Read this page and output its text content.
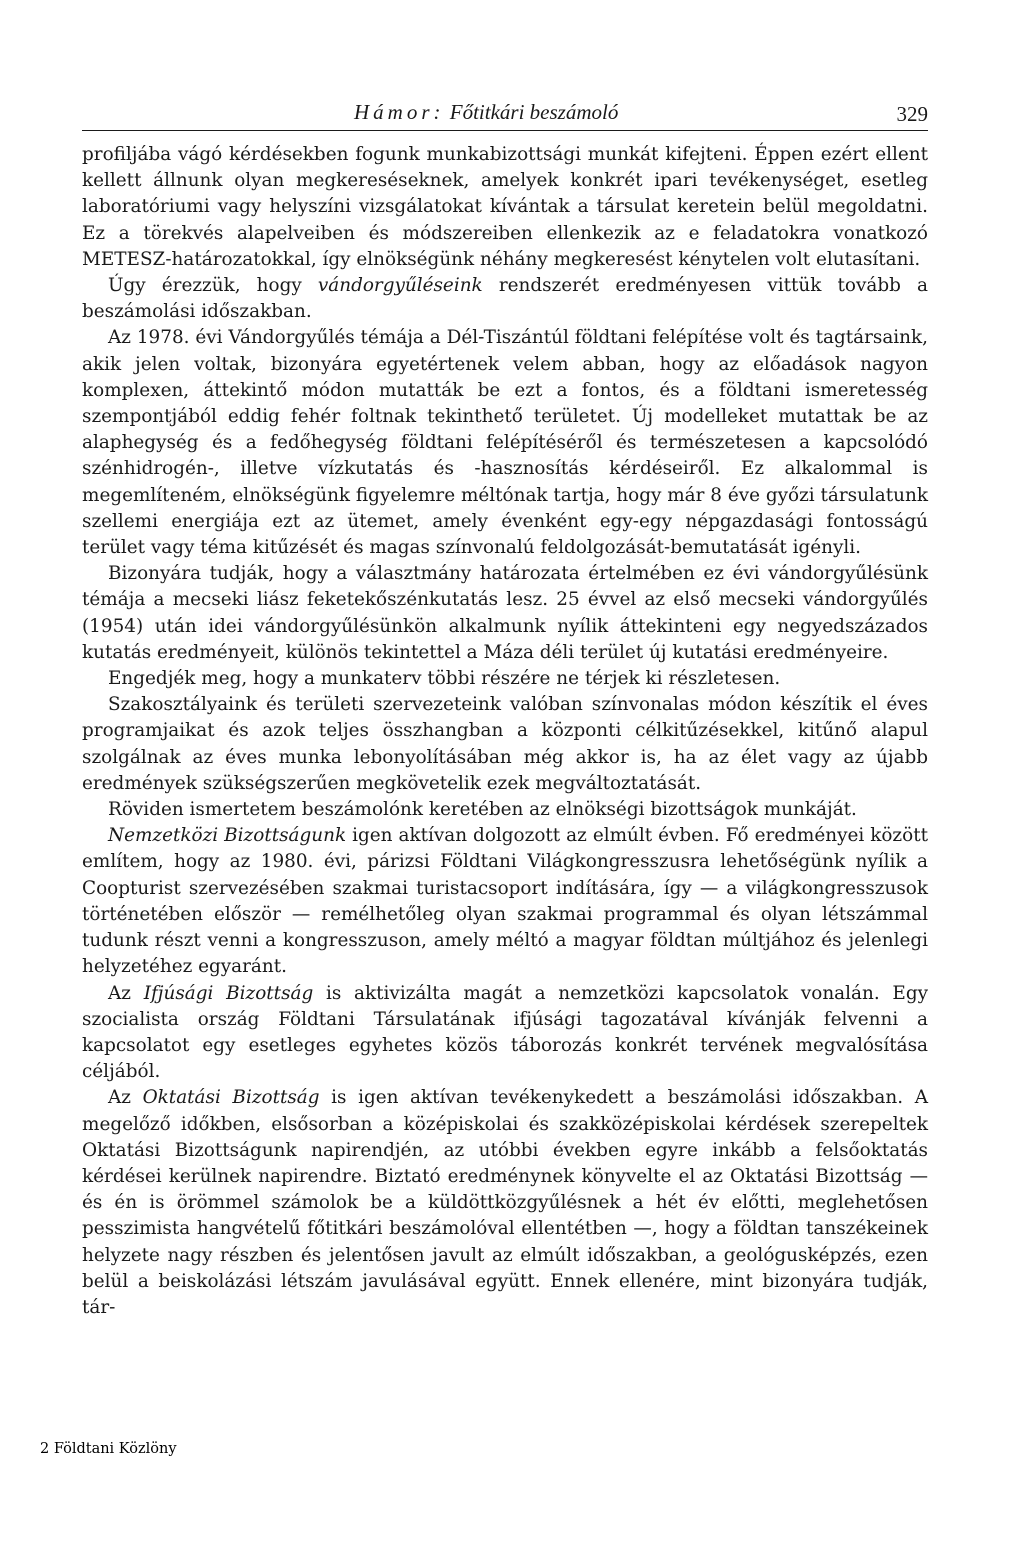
Hámor: Főtitkári beszámoló	329

profiljába vágó kérdésekben fogunk munkabizottsági munkát kifejteni. Éppen ezért ellent kellett állnunk olyan megkereséseknek, amelyek konkrét ipari tevékenységet, esetleg laboratóriumi vagy helyszíni vizsgálatokat kívántak a társulat keretein belül megoldatni. Ez a törekvés alapelveiben és módszereiben ellenkezik az e feladatokra vonatkozó METESZ-határozatokkal, így elnökségünk néhány megkeresést kénytelen volt elutasítani.

Úgy érezzük, hogy vándorgyűléseink rendszerét eredményesen vittük tovább a beszámolási időszakban.

Az 1978. évi Vándorgyűlés témája a Dél-Tiszántúl földtani felépítése volt és tagtársaink, akik jelen voltak, bizonyára egyetértenek velem abban, hogy az előadások nagyon komplexen, áttekintő módon mutatták be ezt a fontos, és a földtani ismeretesség szempontjából eddig fehér foltnak tekinthető területet. Új modelleket mutattak be az alaphegység és a fedőhegység földtani felépítéséről és természetesen a kapcsolódó szénhidrogén-, illetve vízkutatás és -hasznosítás kérdéseiről. Ez alkalommal is megemlíteném, elnökségünk figyelemre méltónak tartja, hogy már 8 éve győzi társulatunk szellemi energiája ezt az ütemet, amely évenként egy-egy népgazdasági fontosságú terület vagy téma kitűzését és magas színvonalú feldolgozását-bemutatását igényli.

Bizonyára tudják, hogy a választmány határozata értelmében ez évi vándorgyűlésünk témája a mecseki liász feketekőszénkutatás lesz. 25 évvel az első mecseki vándorgyűlés (1954) után idei vándorgyűlésünkön alkalmunk nyílik áttekinteni egy negyedszázados kutatás eredményeit, különös tekintettel a Máza déli terület új kutatási eredményeire.

Engedjék meg, hogy a munkaterv többi részére ne térjek ki részletesen.

Szakosztályaink és területi szervezeteink valóban színvonalas módon készítik el éves programjaikat és azok teljes összhangban a központi célkitűzésekkel, kitűnő alapul szolgálnak az éves munka lebonyolításában még akkor is, ha az élet vagy az újabb eredmények szükségszerűen megkövetelik ezek megváltoztatását.

Röviden ismertetem beszámolónk keretében az elnökségi bizottságok munkáját.

Nemzetközi Bizottságunk igen aktívan dolgozott az elmúlt évben. Fő eredményei között említem, hogy az 1980. évi, párizsi Földtani Világkongresszusra lehetőségünk nyílik a Coopturist szervezésében szakmai turistacsoport indítására, így — a világkongresszusok történetében először — remélhetőleg olyan szakmai programmal és olyan létszámmal tudunk részt venni a kongresszuson, amely méltó a magyar földtan múltjához és jelenlegi helyzetéhez egyaránt.

Az Ifjúsági Bizottság is aktivizálta magát a nemzetközi kapcsolatok vonalán. Egy szocialista ország Földtani Társulatának ifjúsági tagozatával kívánják felvenni a kapcsolatot egy esetleges egyhetes közös táborozás konkrét tervének megvalósítása céljából.

Az Oktatási Bizottság is igen aktívan tevékenykedett a beszámolási időszakban. A megelőző időkben, elsősorban a középiskolai és szakközépiskolai kérdések szerepeltek Oktatási Bizottságunk napirendjén, az utóbbi években egyre inkább a felsőoktatás kérdései kerülnek napirendre. Biztató eredménynek könyvelte el az Oktatási Bizottság — és én is örömmel számolok be a küldöttközgyűlésnek a hét év előtti, meglehetősen pesszimista hangvételű főtitkári beszámolóval ellentétben —, hogy a földtan tanszékeinek helyzete nagy részben és jelentősen javult az elmúlt időszakban, a geológusképzés, ezen belül a beiskolázási létszám javulásával együtt. Ennek ellenére, mint bizonyára tudják, tár-

2 Földtani Közlöny
